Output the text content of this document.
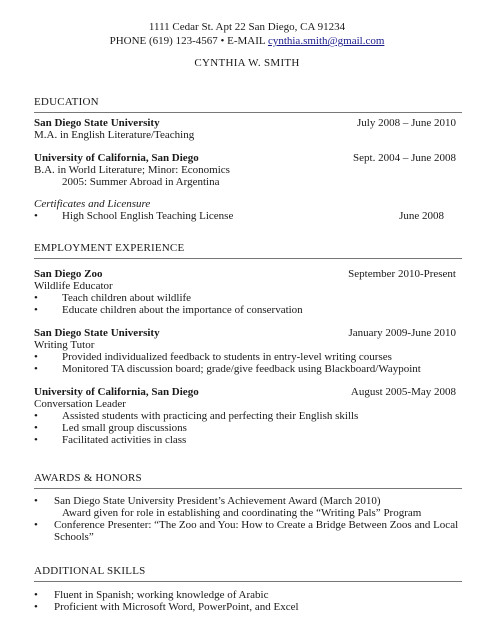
1111 Cedar St. Apt 22 San Diego, CA 91234
PHONE (619) 123-4567 • E-MAIL cynthia.smith@gmail.com
CYNTHIA W. SMITH
EDUCATION
San Diego State University	July 2008 – June 2010
M.A. in English Literature/Teaching
University of California, San Diego	Sept. 2004 – June 2008
B.A. in World Literature; Minor: Economics
2005: Summer Abroad in Argentina
Certificates and Licensure
•	High School English Teaching License	June 2008
EMPLOYMENT EXPERIENCE
San Diego Zoo	September 2010-Present
Wildlife Educator
•	Teach children about wildlife
•	Educate children about the importance of conservation
San Diego State University	January 2009-June 2010
Writing Tutor
•	Provided individualized feedback to students in entry-level writing courses
•	Monitored TA discussion board; grade/give feedback using Blackboard/Waypoint
University of California, San Diego	August 2005-May 2008
Conversation Leader
•	Assisted students with practicing and perfecting their English skills
•	Led small group discussions
•	Facilitated activities in class
AWARDS & HONORS
•	San Diego State University President’s Achievement Award (March 2010)
Award given for role in establishing and coordinating the “Writing Pals” Program
•	Conference Presenter: “The Zoo and You: How to Create a Bridge Between Zoos and Local
Schools”
ADDITIONAL SKILLS
•	Fluent in Spanish; working knowledge of Arabic
•	Proficient with Microsoft Word, PowerPoint, and Excel
